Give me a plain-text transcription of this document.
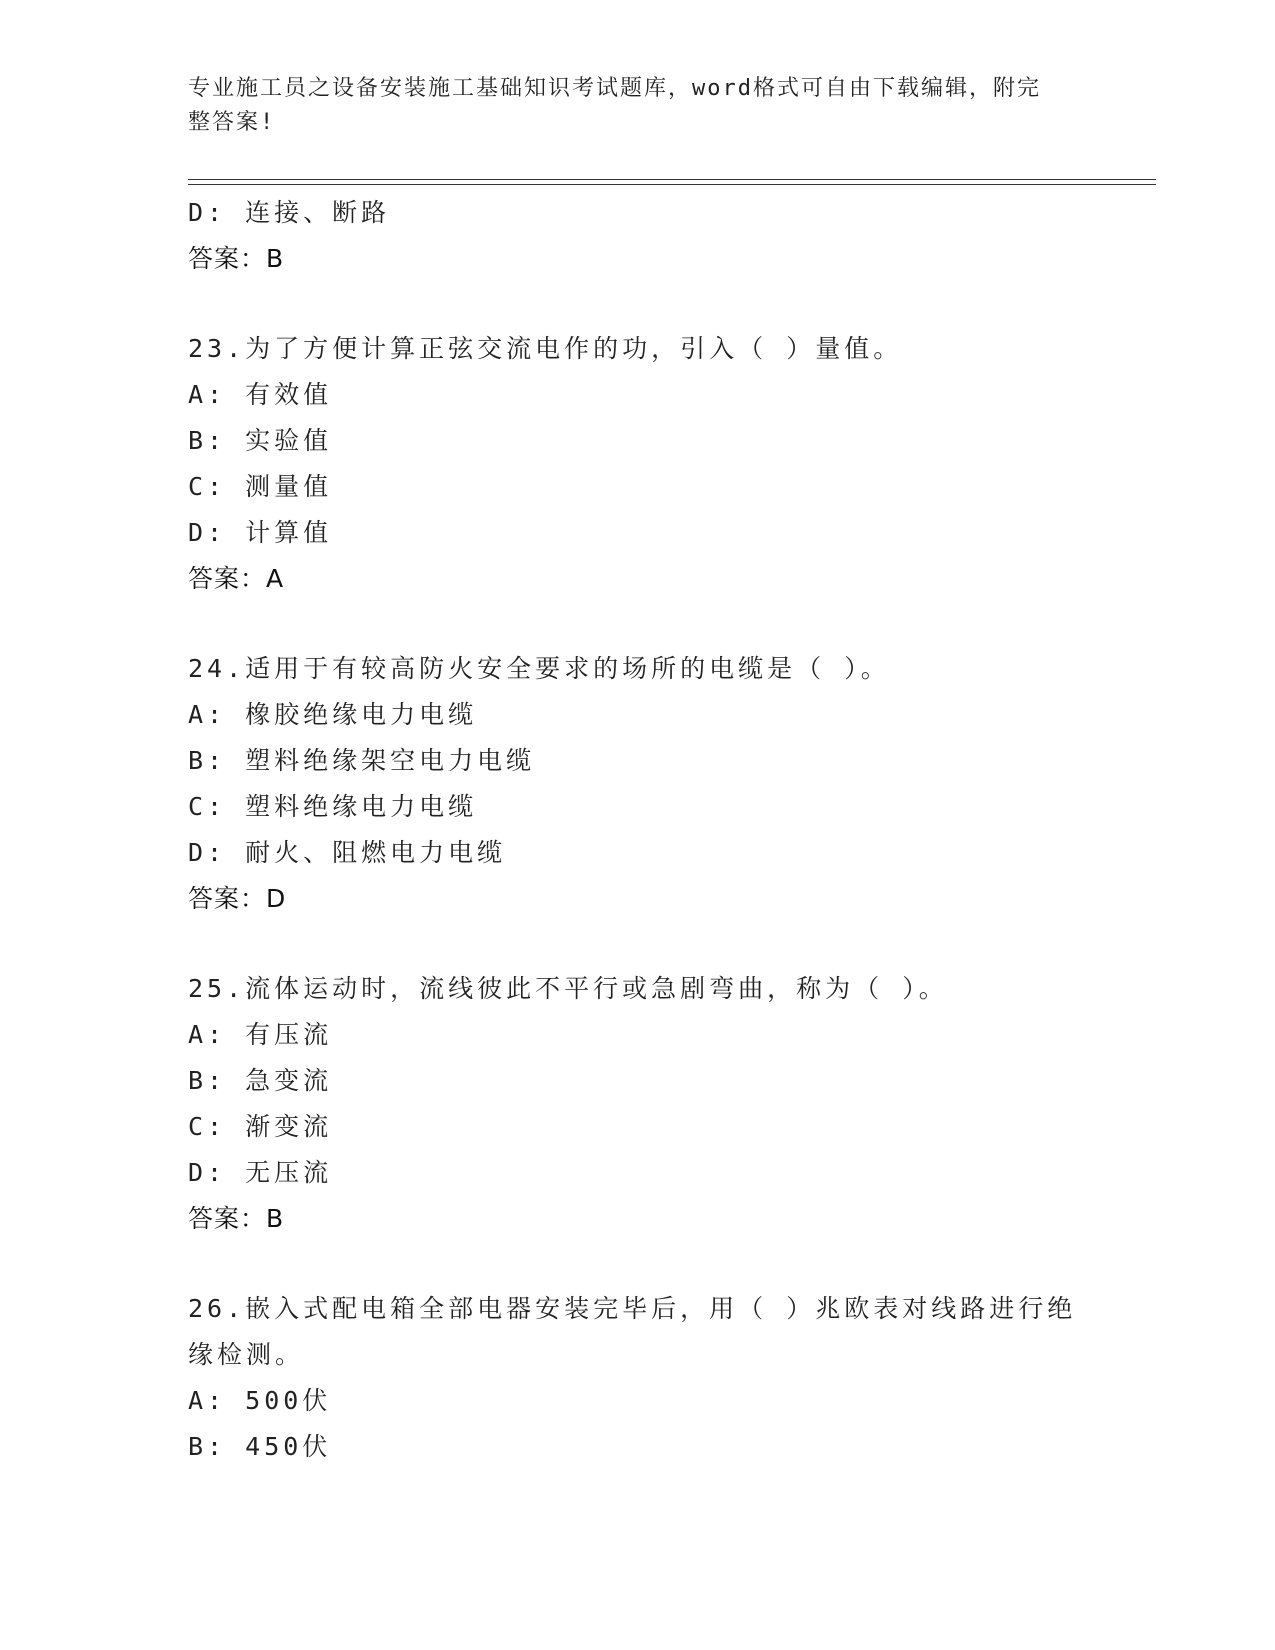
专业施工员之设备安装施工基础知识考试题库，word格式可自由下载编辑，附完
整答案!

D: 连接、断路

答案：B

23.为了方便计算正弦交流电作的功，引入（ ）量值。

A: 有效值

B: 实验值

C: 测量值

D: 计算值

答案：A

24.适用于有较高防火安全要求的场所的电缆是（ ）。

A: 橡胶绝缘电力电缆

B: 塑料绝缘架空电力电缆

C: 塑料绝缘电力电缆

D: 耐火、阻燃电力电缆

答案：D

25.流体运动时，流线彼此不平行或急剧弯曲，称为（ ）。

A: 有压流

B: 急变流

C: 渐变流

D: 无压流

答案：B

26.嵌入式配电箱全部电器安装完毕后，用（ ）兆欧表对线路进行绝

缘检测。

A: 500伏

B: 450伏
